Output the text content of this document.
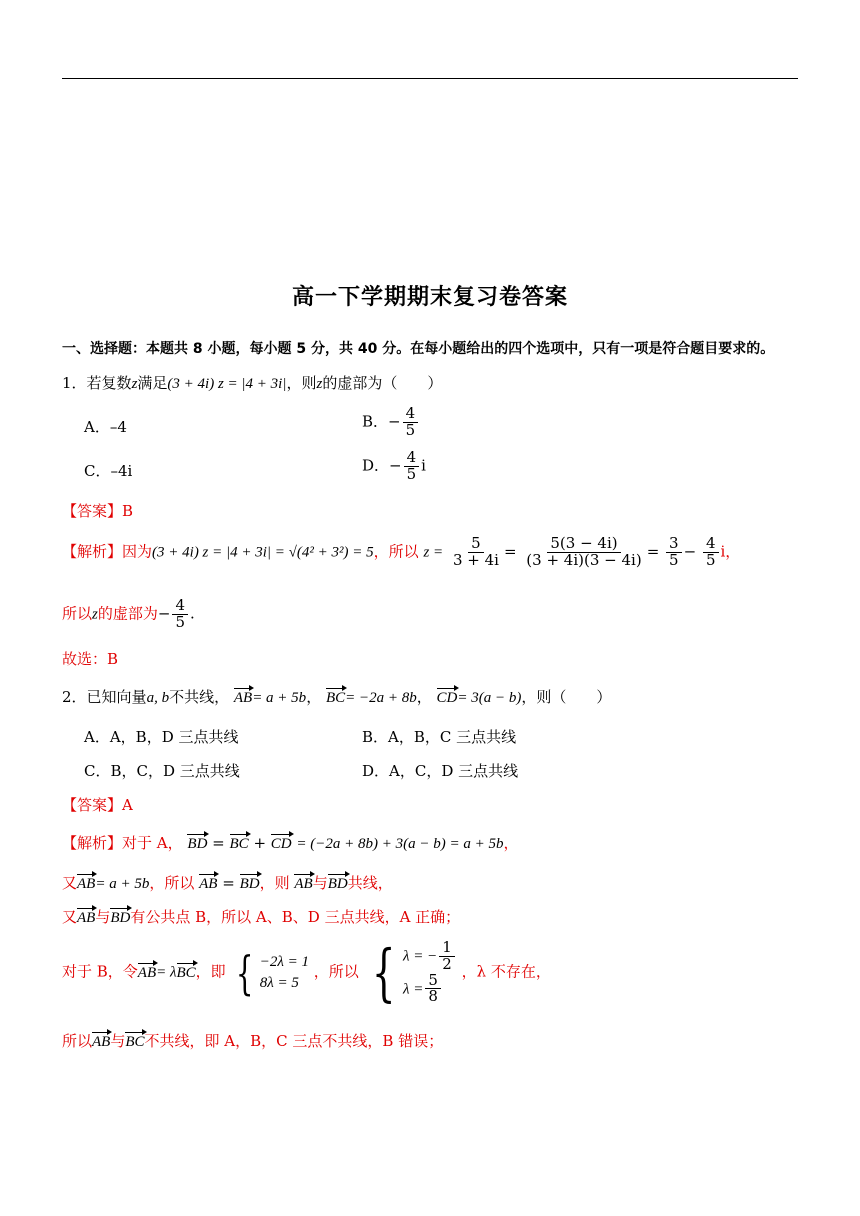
高一下学期期末复习卷答案
一、选择题：本题共 8 小题，每小题 5 分，共 40 分。在每小题给出的四个选项中，只有一项是符合题目要求的。
1．若复数z满足(3 + 4i) z = |4 + 3i|，则z的虚部为（　　）
A．–4	B．− $\frac{4}{5}$
C．–4i	D．− $\frac{4}{5}$ i
【答案】B
【解析】因为(3 + 4i) z = |4 + 3i| = √(4² + 3²) = 5，所以 $z = \frac{5}{3 + 4i} = \frac{5(3 - 4i)}{(3 + 4i)(3 - 4i)} = \frac{3}{5} - \frac{4}{5}$ i，
所以z的虚部为− $\frac{4}{5}$ .
故选：B
2．已知向量a, b不共线， AB= a + 5b， BC= −2a + 8b， CD= 3(a − b)，则（　　）
A．A，B，D 三点共线	B．A，B，C 三点共线
C．B，C，D 三点共线	D．A，C，D 三点共线
【答案】A
【解析】对于 A， BD = BC + CD = (−2a + 8b) + 3(a − b) = a + 5b，
又AB= a + 5b，所以 AB = BD，则 AB与BD共线，
又AB与BD有公共点 B，所以 A、B、D 三点共线，A 正确；
对于 B，令AB= λBC，即 { −2λ = 1
8λ = 5
，所以 { λ = − $\frac{1}{2}$
$\lambda = \frac{5}{8}$
，λ 不存在，
所以AB与BC不共线，即 A，B，C 三点不共线，B 错误；
